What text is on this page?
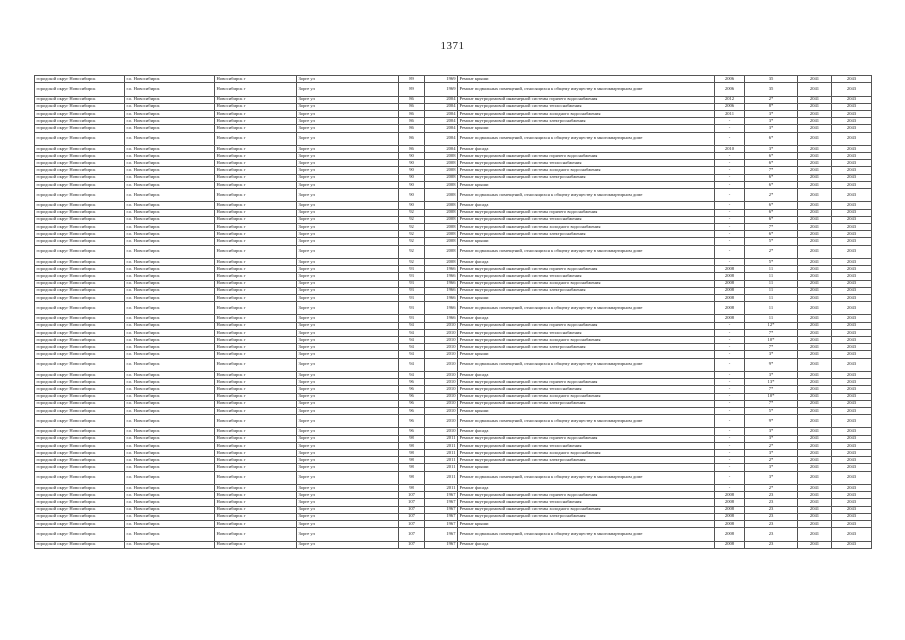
1371
городской округ Новосибирск	г.о. Новосибирск	Новосибирск г	Зорге ул	89	1969	Ремонт крыши	2006	35	2041	2043
городской округ Новосибирск	г.о. Новосибирск	Новосибирск г	Зорге ул	89	1969	Ремонт подвальных помещений, относящихся к общему имуществу в многоквартирном доме	2006	35	2041	2043
городской округ Новосибирск	г.о. Новосибирск	Новосибирск г	Зорге ул	86	2004	Ремонт внутридомовой инженерной системы горячего водоснабжения	2012	2*	2041	2043
городской округ Новосибирск	г.о. Новосибирск	Новосибирск г	Зорге ул	86	2004	Ремонт внутридомовой инженерной системы теплоснабжения	2006	8*	2041	2043
городской округ Новосибирск	г.о. Новосибирск	Новосибирск г	Зорге ул	86	2004	Ремонт внутридомовой инженерной системы холодного водоснабжения	2011	3*	2041	2043
городской округ Новосибирск	г.о. Новосибирск	Новосибирск г	Зорге ул	86	2004	Ремонт внутридомовой инженерной системы электроснабжения	-	3*	2041	2043
городской округ Новосибирск	г.о. Новосибирск	Новосибирск г	Зорге ул	86	2004	Ремонт крыши	-	3*	2041	2043
городской округ Новосибирск	г.о. Новосибирск	Новосибирск г	Зорге ул	86	2004	Ремонт подвальных помещений, относящихся к общему имуществу в многоквартирном доме	-	6*	2041	2043
городской округ Новосибирск	г.о. Новосибирск	Новосибирск г	Зорге ул	86	2004	Ремонт фасада	2010	3*	2041	2043
городской округ Новосибирск	г.о. Новосибирск	Новосибирск г	Зорге ул	90	2008	Ремонт внутридомовой инженерной системы горячего водоснабжения	-	6*	2041	2043
городской округ Новосибирск	г.о. Новосибирск	Новосибирск г	Зорге ул	90	2008	Ремонт внутридомовой инженерной системы теплоснабжения	-	6*	2041	2043
городской округ Новосибирск	г.о. Новосибирск	Новосибирск г	Зорге ул	90	2008	Ремонт внутридомовой инженерной системы холодного водоснабжения	-	7*	2041	2043
городской округ Новосибирск	г.о. Новосибирск	Новосибирск г	Зорге ул	90	2008	Ремонт внутридомовой инженерной системы электроснабжения	-	6*	2041	2043
городской округ Новосибирск	г.о. Новосибирск	Новосибирск г	Зорге ул	90	2008	Ремонт крыши	-	6*	2041	2043
городской округ Новосибирск	г.о. Новосибирск	Новосибирск г	Зорге ул	90	2008	Ремонт подвальных помещений, относящихся к общему имуществу в многоквартирном доме	-	2*	2041	2043
городской округ Новосибирск	г.о. Новосибирск	Новосибирск г	Зорге ул	90	2008	Ремонт фасада	-	6*	2041	2043
городской округ Новосибирск	г.о. Новосибирск	Новосибирск г	Зорге ул	92	2008	Ремонт внутридомовой инженерной системы горячего водоснабжения	-	6*	2041	2043
городской округ Новосибирск	г.о. Новосибирск	Новосибирск г	Зорге ул	92	2008	Ремонт внутридомовой инженерной системы теплоснабжения	-	6*	2041	2043
городской округ Новосибирск	г.о. Новосибирск	Новосибирск г	Зорге ул	92	2008	Ремонт внутридомовой инженерной системы холодного водоснабжения	-	7*	2041	2043
городской округ Новосибирск	г.о. Новосибирск	Новосибирск г	Зорге ул	92	2008	Ремонт внутридомовой инженерной системы электроснабжения	-	6*	2041	2043
городской округ Новосибирск	г.о. Новосибирск	Новосибирск г	Зорге ул	92	2008	Ремонт крыши	-	5*	2041	2043
городской округ Новосибирск	г.о. Новосибирск	Новосибирск г	Зорге ул	92	2008	Ремонт подвальных помещений, относящихся к общему имуществу в многоквартирном доме	-	2*	2041	2043
городской округ Новосибирск	г.о. Новосибирск	Новосибирск г	Зорге ул	92	2008	Ремонт фасада	-	5*	2041	2043
городской округ Новосибирск	г.о. Новосибирск	Новосибирск г	Зорге ул	93	1966	Ремонт внутридомовой инженерной системы горячего водоснабжения	2008	11	2041	2043
городской округ Новосибирск	г.о. Новосибирск	Новосибирск г	Зорге ул	93	1966	Ремонт внутридомовой инженерной системы теплоснабжения	2008	11	2041	2043
городской округ Новосибирск	г.о. Новосибирск	Новосибирск г	Зорге ул	93	1966	Ремонт внутридомовой инженерной системы холодного водоснабжения	2008	11	2041	2043
городской округ Новосибирск	г.о. Новосибирск	Новосибирск г	Зорге ул	93	1966	Ремонт внутридомовой инженерной системы электроснабжения	2008	11	2041	2043
городской округ Новосибирск	г.о. Новосибирск	Новосибирск г	Зорге ул	93	1966	Ремонт крыши	2008	11	2041	2043
городской округ Новосибирск	г.о. Новосибирск	Новосибирск г	Зорге ул	93	1966	Ремонт подвальных помещений, относящихся к общему имуществу в многоквартирном доме	2008	11	2041	2043
городской округ Новосибирск	г.о. Новосибирск	Новосибирск г	Зорге ул	93	1966	Ремонт фасада	2008	11	2041	2043
городской округ Новосибирск	г.о. Новосибирск	Новосибирск г	Зорге ул	94	2010	Ремонт внутридомовой инженерной системы горячего водоснабжения	-	12*	2041	2043
городской округ Новосибирск	г.о. Новосибирск	Новосибирск г	Зорге ул	94	2010	Ремонт внутридомовой инженерной системы теплоснабжения	-	7*	2041	2043
городской округ Новосибирск	г.о. Новосибирск	Новосибирск г	Зорге ул	94	2010	Ремонт внутридомовой инженерной системы холодного водоснабжения	-	10*	2041	2043
городской округ Новосибирск	г.о. Новосибирск	Новосибирск г	Зорге ул	94	2010	Ремонт внутридомовой инженерной системы электроснабжения	-	7*	2041	2043
городской округ Новосибирск	г.о. Новосибирск	Новосибирск г	Зорге ул	94	2010	Ремонт крыши	-	3*	2041	2043
городской округ Новосибирск	г.о. Новосибирск	Новосибирск г	Зорге ул	94	2010	Ремонт подвальных помещений, относящихся к общему имуществу в многоквартирном доме	-	9*	2041	2043
городской округ Новосибирск	г.о. Новосибирск	Новосибирск г	Зорге ул	94	2010	Ремонт фасада	-	3*	2041	2043
городской округ Новосибирск	г.о. Новосибирск	Новосибирск г	Зорге ул	96	2010	Ремонт внутридомовой инженерной системы горячего водоснабжения	-	13*	2041	2043
городской округ Новосибирск	г.о. Новосибирск	Новосибирск г	Зорге ул	96	2010	Ремонт внутридомовой инженерной системы теплоснабжения	-	7*	2041	2043
городской округ Новосибирск	г.о. Новосибирск	Новосибирск г	Зорге ул	96	2010	Ремонт внутридомовой инженерной системы холодного водоснабжения	-	10*	2041	2043
городской округ Новосибирск	г.о. Новосибирск	Новосибирск г	Зорге ул	96	2010	Ремонт внутридомовой инженерной системы электроснабжения	-	7*	2041	2043
городской округ Новосибирск	г.о. Новосибирск	Новосибирск г	Зорге ул	96	2010	Ремонт крыши	-	5*	2041	2043
городской округ Новосибирск	г.о. Новосибирск	Новосибирск г	Зорге ул	96	2010	Ремонт подвальных помещений, относящихся к общему имуществу в многоквартирном доме	-	9*	2041	2043
городской округ Новосибирск	г.о. Новосибирск	Новосибирск г	Зорге ул	96	2010	Ремонт фасада	-	3*	2041	2043
городской округ Новосибирск	г.о. Новосибирск	Новосибирск г	Зорге ул	98	2011	Ремонт внутридомовой инженерной системы горячего водоснабжения	-	3*	2041	2043
городской округ Новосибирск	г.о. Новосибирск	Новосибирск г	Зорге ул	98	2011	Ремонт внутридомовой инженерной системы теплоснабжения	-	2*	2041	2043
городской округ Новосибирск	г.о. Новосибирск	Новосибирск г	Зорге ул	98	2011	Ремонт внутридомовой инженерной системы холодного водоснабжения	-	3*	2041	2043
городской округ Новосибирск	г.о. Новосибирск	Новосибирск г	Зорге ул	98	2011	Ремонт внутридомовой инженерной системы электроснабжения	-	2*	2041	2043
городской округ Новосибирск	г.о. Новосибирск	Новосибирск г	Зорге ул	98	2011	Ремонт крыши	-	3*	2041	2043
городской округ Новосибирск	г.о. Новосибирск	Новосибирск г	Зорге ул	98	2011	Ремонт подвальных помещений, относящихся к общему имуществу в многоквартирном доме	-	3*	2041	2043
городской округ Новосибирск	г.о. Новосибирск	Новосибирск г	Зорге ул	98	2011	Ремонт фасада	-	2*	2041	2043
городской округ Новосибирск	г.о. Новосибирск	Новосибирск г	Зорге ул	107	1967	Ремонт внутридомовой инженерной системы горячего водоснабжения	2008	23	2041	2043
городской округ Новосибирск	г.о. Новосибирск	Новосибирск г	Зорге ул	107	1967	Ремонт внутридомовой инженерной системы теплоснабжения	2008	23	2041	2043
городской округ Новосибирск	г.о. Новосибирск	Новосибирск г	Зорге ул	107	1967	Ремонт внутридомовой инженерной системы холодного водоснабжения	2008	23	2041	2043
городской округ Новосибирск	г.о. Новосибирск	Новосибирск г	Зорге ул	107	1967	Ремонт внутридомовой инженерной системы электроснабжения	2008	23	2041	2043
городской округ Новосибирск	г.о. Новосибирск	Новосибирск г	Зорге ул	107	1967	Ремонт крыши	2008	23	2041	2043
городской округ Новосибирск	г.о. Новосибирск	Новосибирск г	Зорге ул	107	1967	Ремонт подвальных помещений, относящихся к общему имуществу в многоквартирном доме	2008	23	2041	2043
городской округ Новосибирск	г.о. Новосибирск	Новосибирск г	Зорге ул	107	1967	Ремонт фасада	2008	23	2041	2043
